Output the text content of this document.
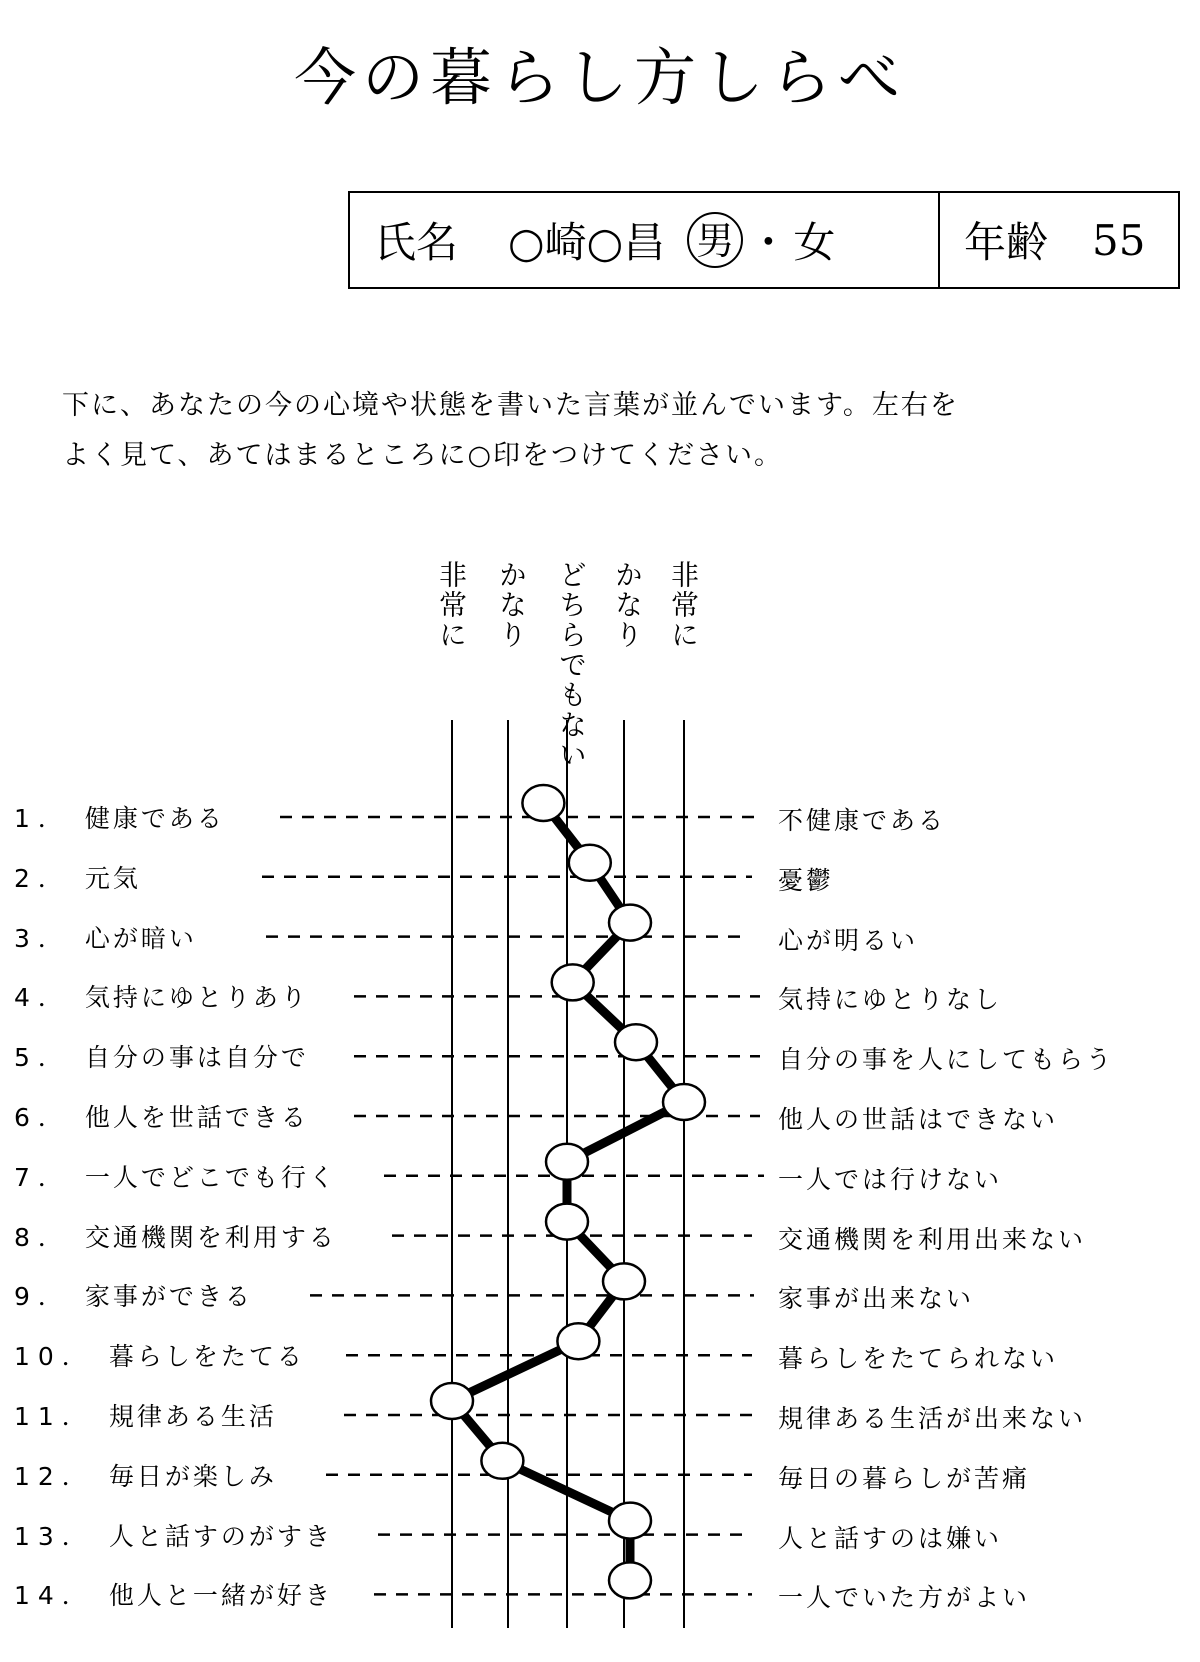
今の暮らし方しらべ
氏名 ○崎○昌 男 ・ 女	年齢 55
下に、あなたの今の心境や状態を書いた言葉が並んでいます。左右を
よく見て、あてはまるところに○印をつけてください。
非常に かなり どちらでもない かなり 非常に
1． 健康である	不健康である
2． 元気	憂鬱
3． 心が暗い	心が明るい
4． 気持にゆとりあり	気持にゆとりなし
5． 自分の事は自分で	自分の事を人にしてもらう
6． 他人を世話できる	他人の世話はできない
7． 一人でどこでも行く	一人では行けない
8． 交通機関を利用する	交通機関を利用出来ない
9． 家事ができる	家事が出来ない
10． 暮らしをたてる	暮らしをたてられない
11． 規律ある生活	規律ある生活が出来ない
12． 毎日が楽しみ	毎日の暮らしが苦痛
13． 人と話すのがすき	人と話すのは嫌い
14． 他人と一緒が好き	一人でいた方がよい
